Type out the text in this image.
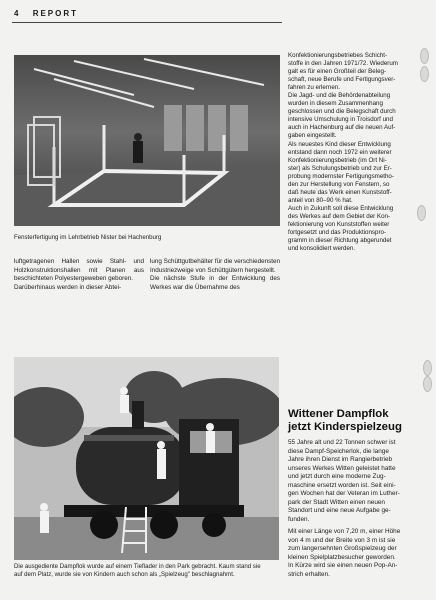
4 REPORT
Fensterfertigung im Lehrbetrieb Nister bei Hachenburg

luftgetragenen Hallen sowie Stahl- und Holzkonstruktionshallen mit Planen aus beschichteten Polyestergeweben geboren.

Darüberhinaus werden in dieser Abtei-

lung Schüttgutbehälter für die verschiedensten Industriezweige von Schüttgütern hergestellt.

Die nächste Stufe in der Entwicklung des Werkes war die Übernahme des

Konfektionierungsbetriebes Schicht-

stoffe in den Jahren 1971/72. Wiederum

galt es für einen Großteil der Beleg-

schaft, neue Berufe und Fertigungsver-

fahren zu erlernen.

Die Jagd- und die Behördenabteilung

wurden in diesem Zusammenhang

geschlossen und die Belegschaft durch

intensive Umschulung in Troisdorf und

auch in Hachenburg auf die neuen Auf-

gaben eingestellt.

Als neuestes Kind dieser Entwicklung

entstand dann noch 1972 ein weiterer

Konfektionierungsbetrieb (im Ort Ni-

ster) als Schulungsbetrieb und zur Er-

probung modernster Fertigungsmetho-

den zur Herstellung von Fenstern, so

daß heute das Werk einen Kunststoff-

anteil von 80–90 % hat.

Auch in Zukunft soll diese Entwicklung

des Werkes auf dem Gebiet der Kon-

fektionierung von Kunststoffen weiter

fortgesetzt und das Produktionspro-

gramm in dieser Richtung abgerundet

und konsolidiert werden.

Die ausgediente Dampflok wurde auf einem Tieflader in den Park gebracht. Kaum stand sie
auf dem Platz, wurde sie von Kindern auch schon als „Spielzeug" beschlagnahmt.
Wittener Dampflok
jetzt Kinderspielzeug

55 Jahre alt und 22 Tonnen schwer ist

diese Dampf-Speicherlok, die lange

Jahre ihren Dienst im Rangierbetrieb

unseres Werkes Witten geleistet hatte

und jetzt durch eine moderne Zug-

maschine ersetzt worden ist. Seit eini-

gen Wochen hat der Veteran im Luther-

park der Stadt Witten einen neuen

Standort und eine neue Aufgabe ge-

funden.

Mit einer Länge von 7,20 m, einer Höhe

von 4 m und der Breite von 3 m ist sie

zum langersehnten Großspielzeug der

kleinen Spielplatzbesucher geworden.

In Kürze wird sie einen neuen Pop-An-

strich erhalten.
